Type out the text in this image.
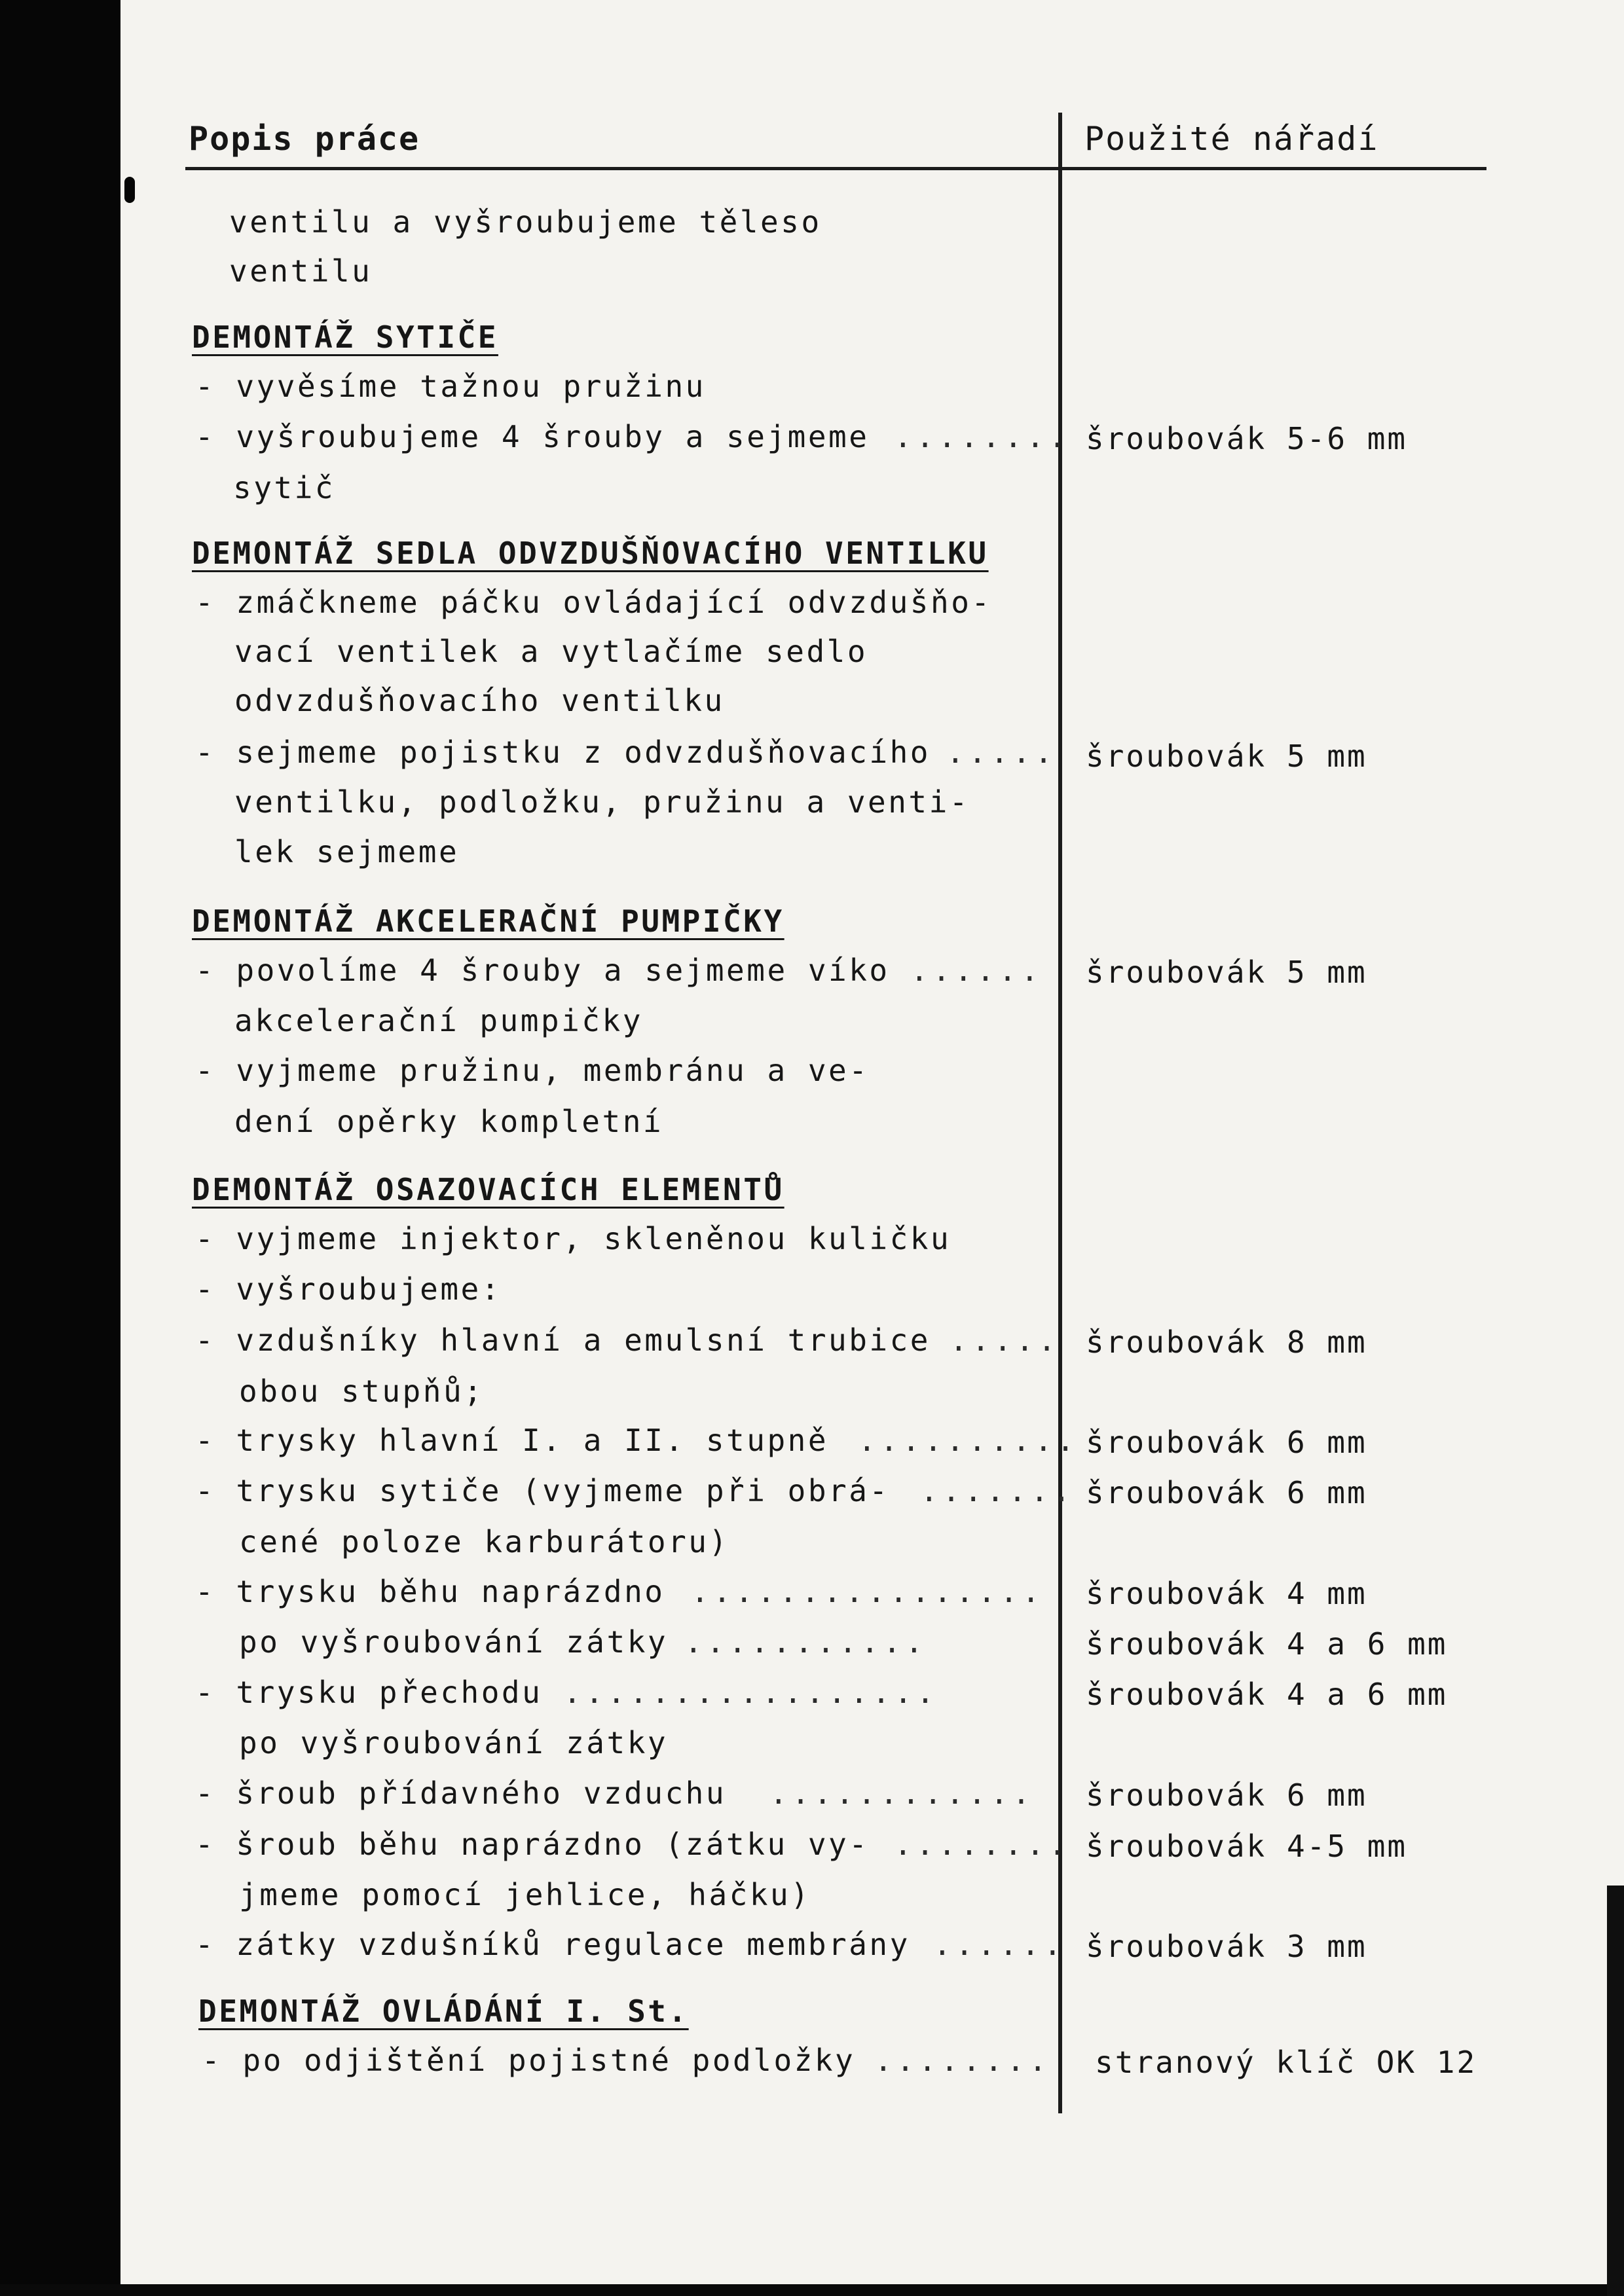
Popis práce	Použité nářadí
ventilu a vyšroubujeme těleso
ventilu
DEMONTÁŽ SYTIČE
- vyvěsíme tažnou pružinu
- vyšroubujeme 4 šrouby a sejmeme ........ šroubovák 5-6 mm
sytič
DEMONTÁŽ SEDLA ODVZDUŠŇOVACÍHO VENTILKU
- zmáčkneme páčku ovládající odvzdušňo-
vací ventilek a vytlačíme sedlo
odvzdušňovacího ventilku
- sejmeme pojistku z odvzdušňovacího ..... šroubovák 5 mm
ventilku, podložku, pružinu a venti-
lek sejmeme
DEMONTÁŽ AKCELERAČNÍ PUMPIČKY
- povolíme 4 šrouby a sejmeme víko ...... šroubovák 5 mm
akcelerační pumpičky
- vyjmeme pružinu, membránu a ve-
dení opěrky kompletní
DEMONTÁŽ OSAZOVACÍCH ELEMENTŮ
- vyjmeme injektor, skleněnou kuličku
- vyšroubujeme:
- vzdušníky hlavní a emulsní trubice ..... šroubovák 8 mm
obou stupňů;
- trysky hlavní I. a II. stupně .......... šroubovák 6 mm
- trysku sytiče (vyjmeme při obrá- ....... šroubovák 6 mm
cené poloze karburátoru)
- trysku běhu naprázdno ................ šroubovák 4 mm
po vyšroubování zátky ...........	šroubovák 4 a 6 mm
- trysku přechodu .................	šroubovák 4 a 6 mm
po vyšroubování zátky
- šroub přídavného vzduchu ............ šroubovák 6 mm
- šroub běhu naprázdno (zátku vy- ........ šroubovák 4-5 mm
jmeme pomocí jehlice, háčku)
- zátky vzdušníků regulace membrány ...... šroubovák 3 mm
DEMONTÁŽ OVLÁDÁNÍ I. St.
- po odjištění pojistné podložky ........ stranový klíč OK 12
